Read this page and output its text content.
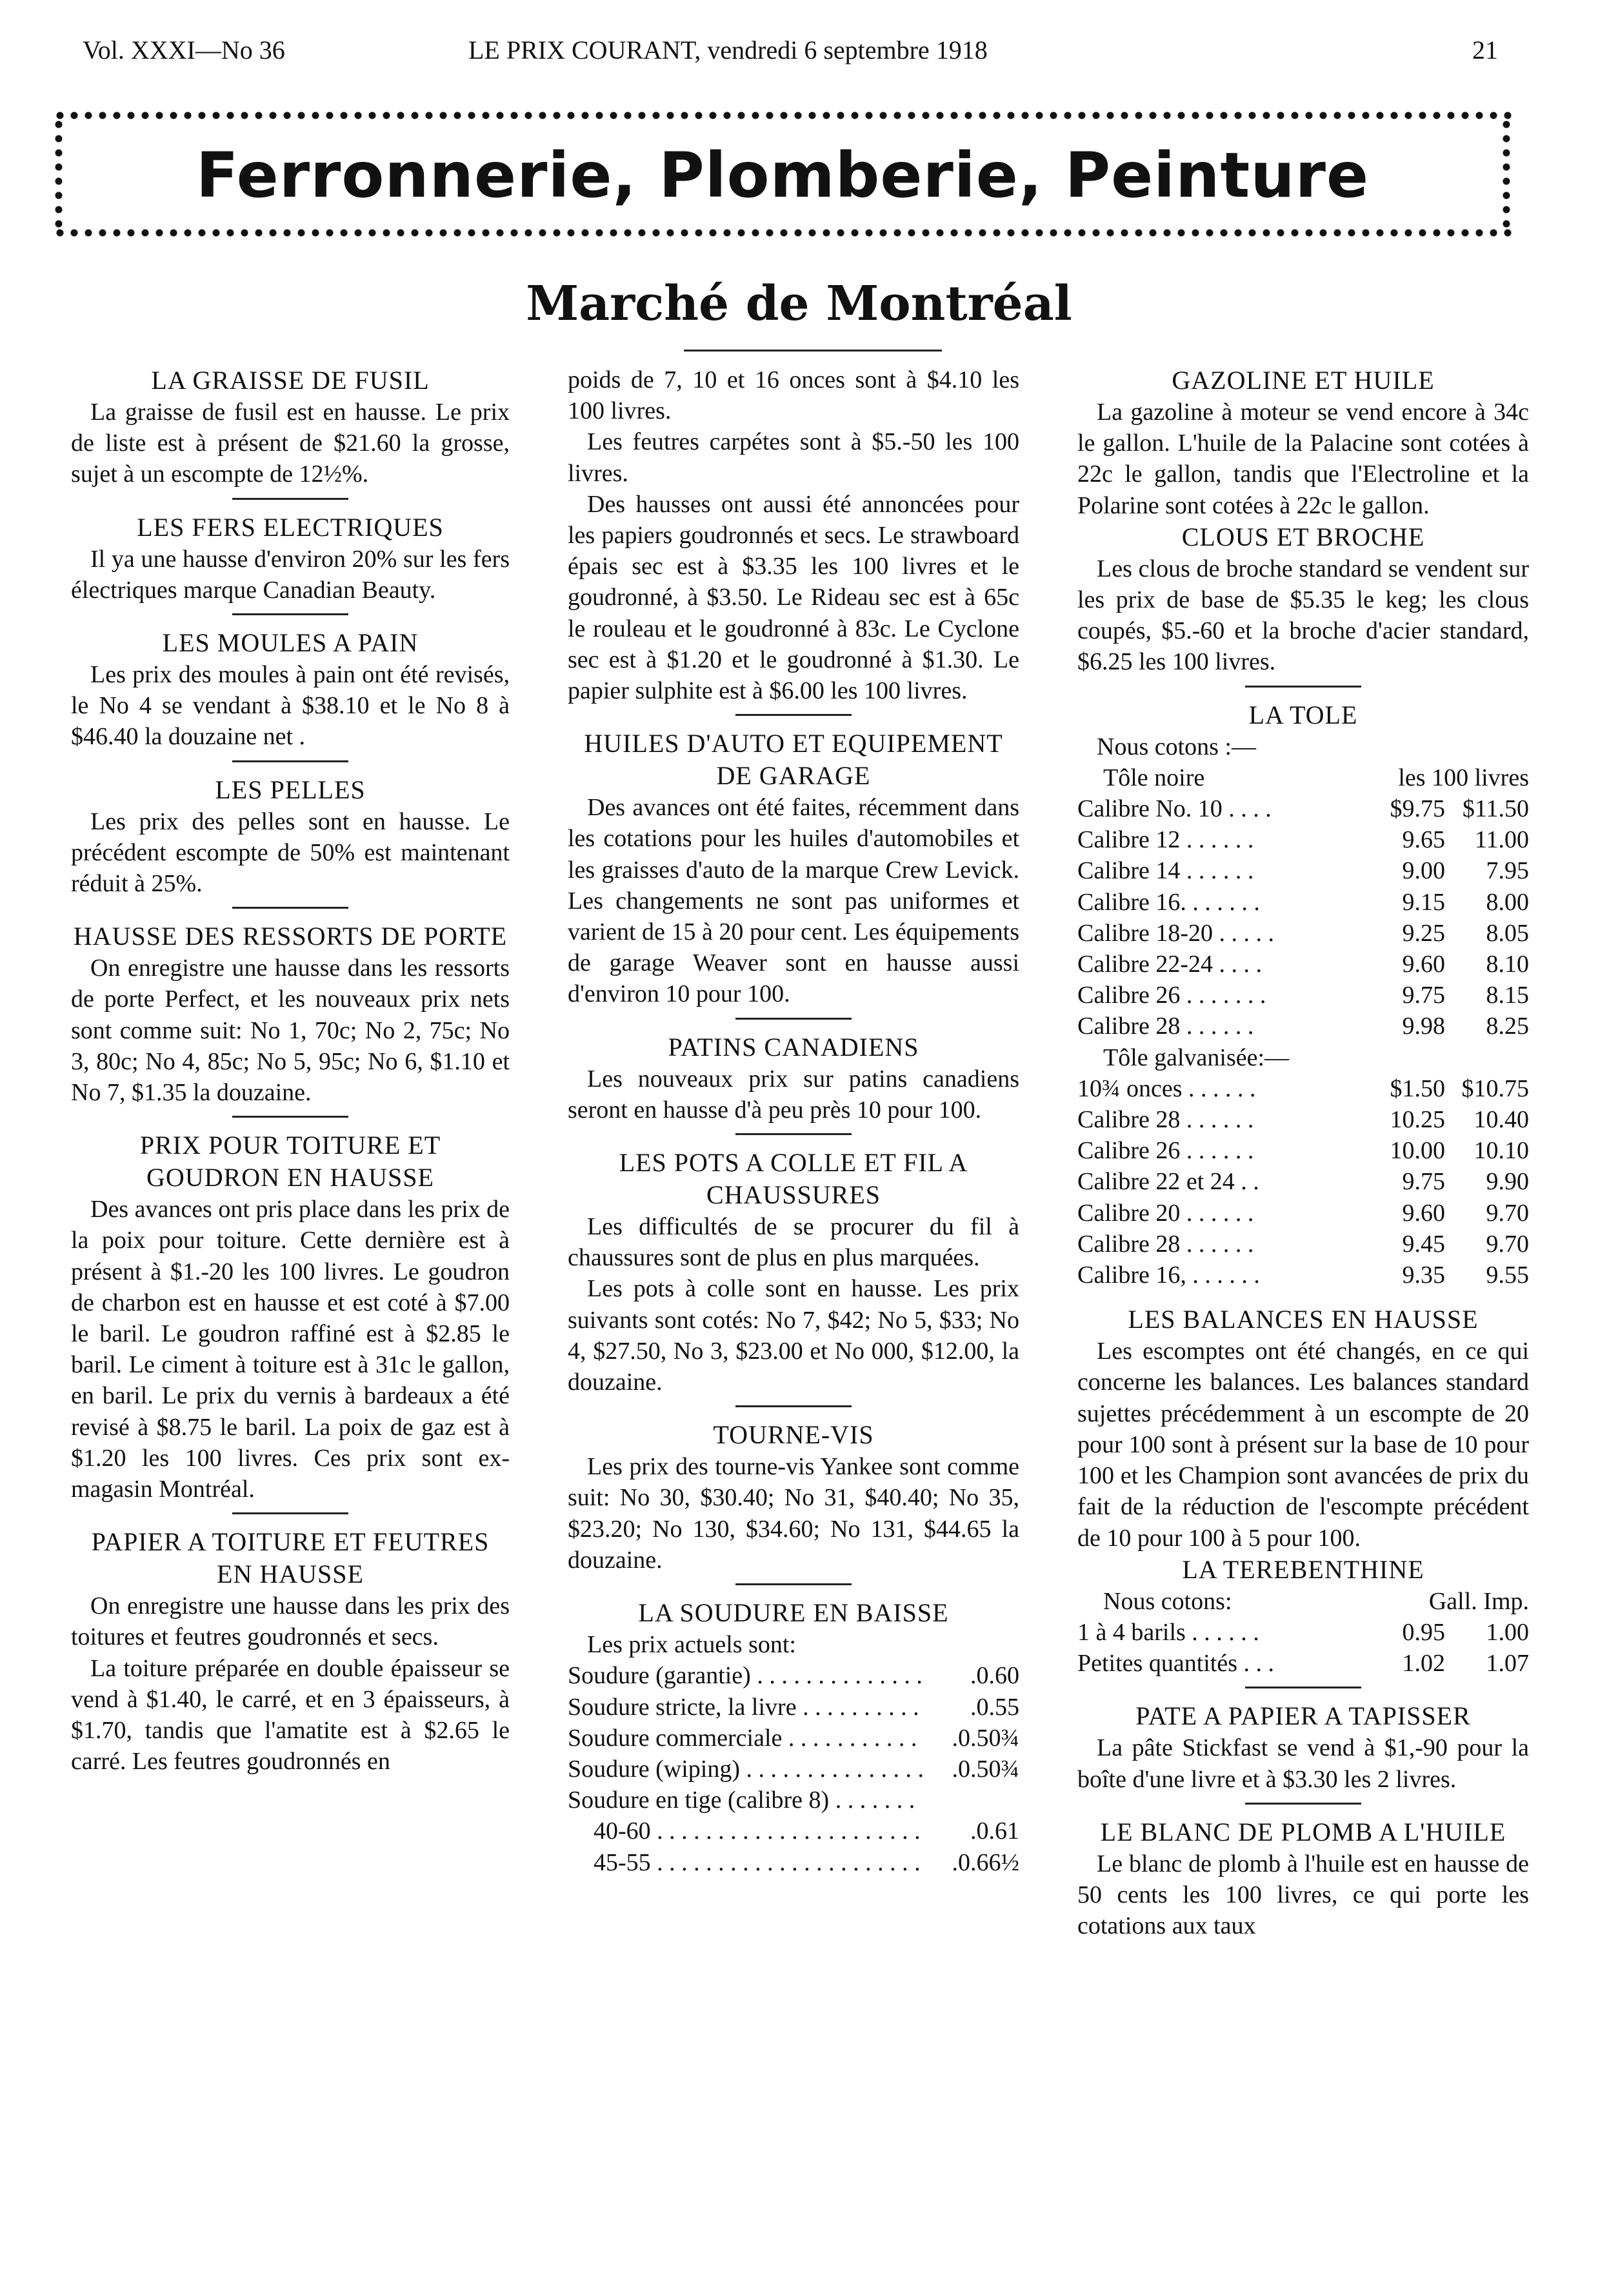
Vol. XXXI—No 36	LE PRIX COURANT, vendredi 6 septembre 1918	21
Ferronnerie, Plomberie, Peinture
Marché de Montréal
LA GRAISSE DE FUSIL

La graisse de fusil est en hausse. Le prix de liste est à présent de $21.60 la grosse, sujet à un escompte de 12½%.

LES FERS ELECTRIQUES

Il ya une hausse d'environ 20% sur les fers électriques marque Canadian Beauty.

LES MOULES A PAIN

Les prix des moules à pain ont été revisés, le No 4 se vendant à $38.10 et le No 8 à $46.40 la douzaine net .

LES PELLES

Les prix des pelles sont en hausse. Le précédent escompte de 50% est maintenant réduit à 25%.

HAUSSE DES RESSORTS DE PORTE

On enregistre une hausse dans les ressorts de porte Perfect, et les nouveaux prix nets sont comme suit: No 1, 70c; No 2, 75c; No 3, 80c; No 4, 85c; No 5, 95c; No 6, $1.10 et No 7, $1.35 la douzaine.

PRIX POUR TOITURE ET GOUDRON EN HAUSSE

Des avances ont pris place dans les prix de la poix pour toiture. Cette dernière est à présent à $1.-20 les 100 livres. Le goudron de charbon est en hausse et est coté à $7.00 le baril. Le goudron raffiné est à $2.85 le baril. Le ciment à toiture est à 31c le gallon, en baril. Le prix du vernis à bardeaux a été revisé à $8.75 le baril. La poix de gaz est à $1.20 les 100 livres. Ces prix sont ex-magasin Montréal.

PAPIER A TOITURE ET FEUTRES EN HAUSSE

On enregistre une hausse dans les prix des toitures et feutres goudronnés et secs.

La toiture préparée en double épaisseur se vend à $1.40, le carré, et en 3 épaisseurs, à $1.70, tandis que l'amatite est à $2.65 le carré. Les feutres goudronnés en

poids de 7, 10 et 16 onces sont à $4.10 les 100 livres.

Les feutres carpétes sont à $5.-50 les 100 livres.

Des hausses ont aussi été annoncées pour les papiers goudronnés et secs. Le strawboard épais sec est à $3.35 les 100 livres et le goudronné, à $3.50. Le Rideau sec est à 65c le rouleau et le goudronné à 83c. Le Cyclone sec est à $1.20 et le goudronné à $1.30. Le papier sulphite est à $6.00 les 100 livres.

HUILES D'AUTO ET EQUIPEMENT DE GARAGE

Des avances ont été faites, récemment dans les cotations pour les huiles d'automobiles et les graisses d'auto de la marque Crew Levick. Les changements ne sont pas uniformes et varient de 15 à 20 pour cent. Les équipements de garage Weaver sont en hausse aussi d'environ 10 pour 100.

PATINS CANADIENS

Les nouveaux prix sur patins canadiens seront en hausse d'à peu près 10 pour 100.

LES POTS A COLLE ET FIL A CHAUSSURES

Les difficultés de se procurer du fil à chaussures sont de plus en plus marquées.

Les pots à colle sont en hausse. Les prix suivants sont cotés: No 7, $42; No 5, $33; No 4, $27.50, No 3, $23.00 et No 000, $12.00, la douzaine.

TOURNE-VIS

Les prix des tourne-vis Yankee sont comme suit: No 30, $30.40; No 31, $40.40; No 35, $23.20; No 130, $34.60; No 131, $44.65 la douzaine.

LA SOUDURE EN BAISSE

Les prix actuels sont:

Soudure (garantie) . . .	.0.60
Soudure stricte, la livre . . .	.0.55
Soudure commerciale . . .	.0.50¾
Soudure (wiping) . . .	.0.50¾
Soudure en tige (calibre 8) . . .
40-60 . . .	.0.61
45-55 . . .	.0.66½
GAZOLINE ET HUILE

La gazoline à moteur se vend encore à 34c le gallon. L'huile de la Palacine sont cotées à 22c le gallon, tandis que l'Electroline et la Polarine sont cotées à 22c le gallon.

CLOUS ET BROCHE

Les clous de broche standard se vendent sur les prix de base de $5.35 le keg; les clous coupés, $5.-60 et la broche d'acier standard, $6.25 les 100 livres.

LA TOLE

Nous cotons :—

Tôle noire	les 100 livres
Calibre No. 10 . . . .	$9.75 $11.50
Calibre 12 . . . . . .	9.65	11.00
Calibre 14 . . . . . .	9.00	7.95
Calibre 16. . . . . . .	9.15	8.00
Calibre 18-20 . . . . .	9.25	8.05
Calibre 22-24 . . . .	9.60	8.10
Calibre 26 . . . . . . .	9.75	8.15
Calibre 28 . . . . . .	9.98	8.25
Tôle galvanisée:—
10¾ onces . . . . . .	$1.50 $10.75
Calibre 28 . . . . . .	10.25	10.40
Calibre 26 . . . . . .	10.00	10.10
Calibre 22 et 24 . .	9.75	9.90
Calibre 20 . . . . . .	9.60	9.70
Calibre 28 . . . . . .	9.45	9.70
Calibre 16, . . . . . .	9.35	9.55
LES BALANCES EN HAUSSE

Les escomptes ont été changés, en ce qui concerne les balances. Les balances standard sujettes précédemment à un escompte de 20 pour 100 sont à présent sur la base de 10 pour 100 et les Champion sont avancées de prix du fait de la réduction de l'escompte précédent de 10 pour 100 à 5 pour 100.

LA TEREBENTHINE
Nous cotons:	Gall. Imp.
1 à 4 barils . . . . . .	0.95	1.00
Petites quantités . . .	1.02	1.07
PATE A PAPIER A TAPISSER

La pâte Stickfast se vend à $1,-90 pour la boîte d'une livre et à $3.30 les 2 livres.

LE BLANC DE PLOMB A L'HUILE

Le blanc de plomb à l'huile est en hausse de 50 cents les 100 livres, ce qui porte les cotations aux taux
